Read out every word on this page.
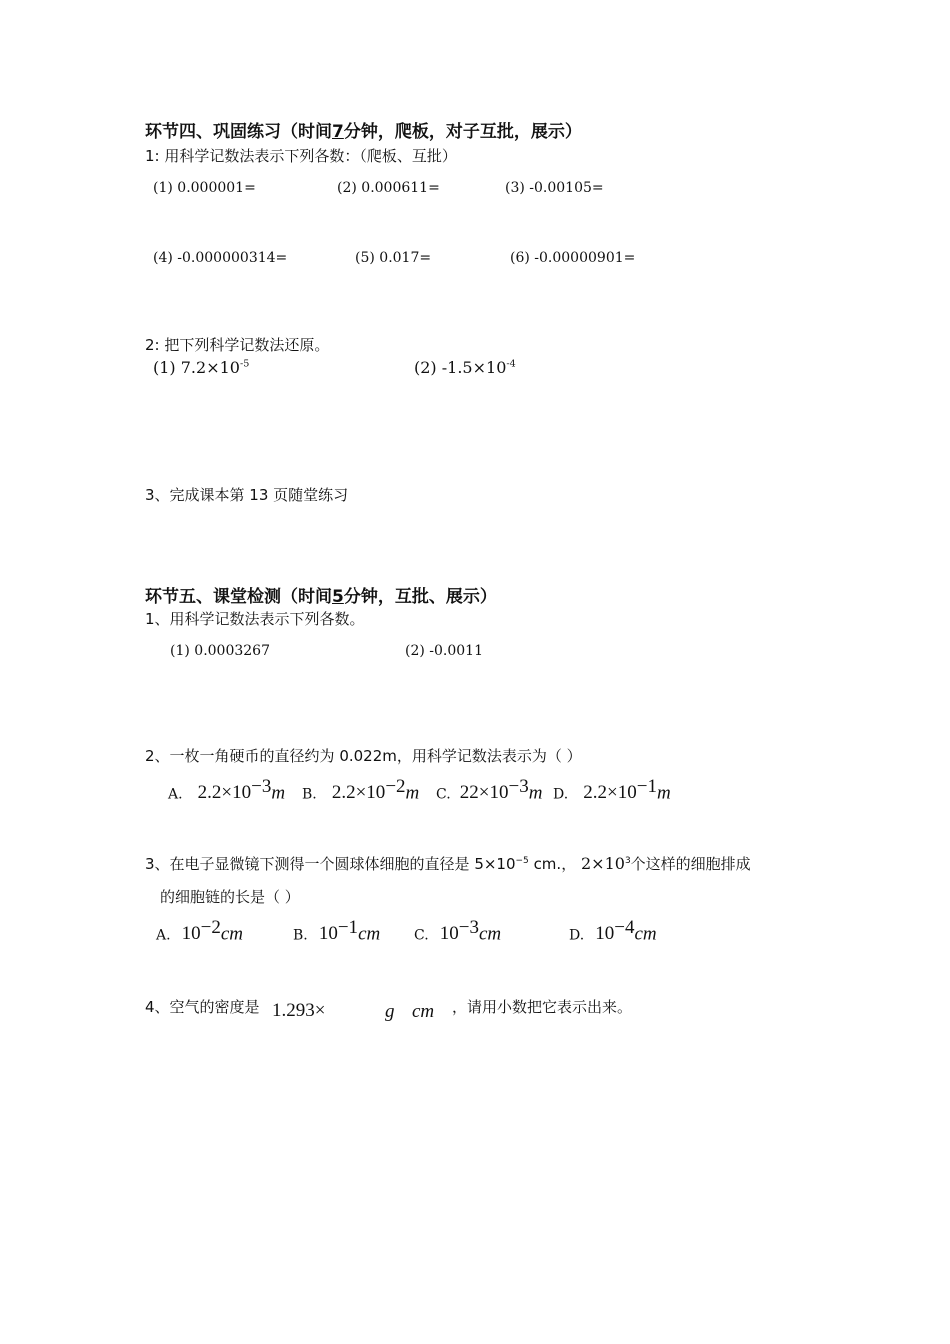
环节四、巩固练习（时间7分钟，爬板，对子互批，展示）
1: 用科学记数法表示下列各数：（爬板、互批）
(1) 0.000001=	(2) 0.000611=	(3) -0.00105=
(4) -0.000000314=	(5) 0.017=	(6) -0.00000901=
2: 把下列科学记数法还原。
(1) $7.2\times 10^{-5}$	(2) $-1.5\times 10^{-4}$
3、完成课本第 13 页随堂练习
环节五、课堂检测（时间5分钟，互批、展示）
1、用科学记数法表示下列各数。
(1) 0.0003267	(2) -0.0011
2、一枚一角硬币的直径约为 0.022m，用科学记数法表示为（ ）
A. $2.2\times 10^{-3}m$ B. $2.2\times 10^{-2}m$ C. $22\times 10^{-3}m$ D. $2.2\times 10^{-1}m$
3、在电子显微镜下测得一个圆球体细胞的直径是 $5\times 10^{-5}$ cm.， $2\times 10^3$个这样的细胞排成
的细胞链的长是（ ）
A. $10^{-2}cm$	B. $10^{-1}cm$ C. $10^{-3}cm$	D. $10^{-4}cm$
4、空气的密度是 1.293×	g cm ，请用小数把它表示出来。
